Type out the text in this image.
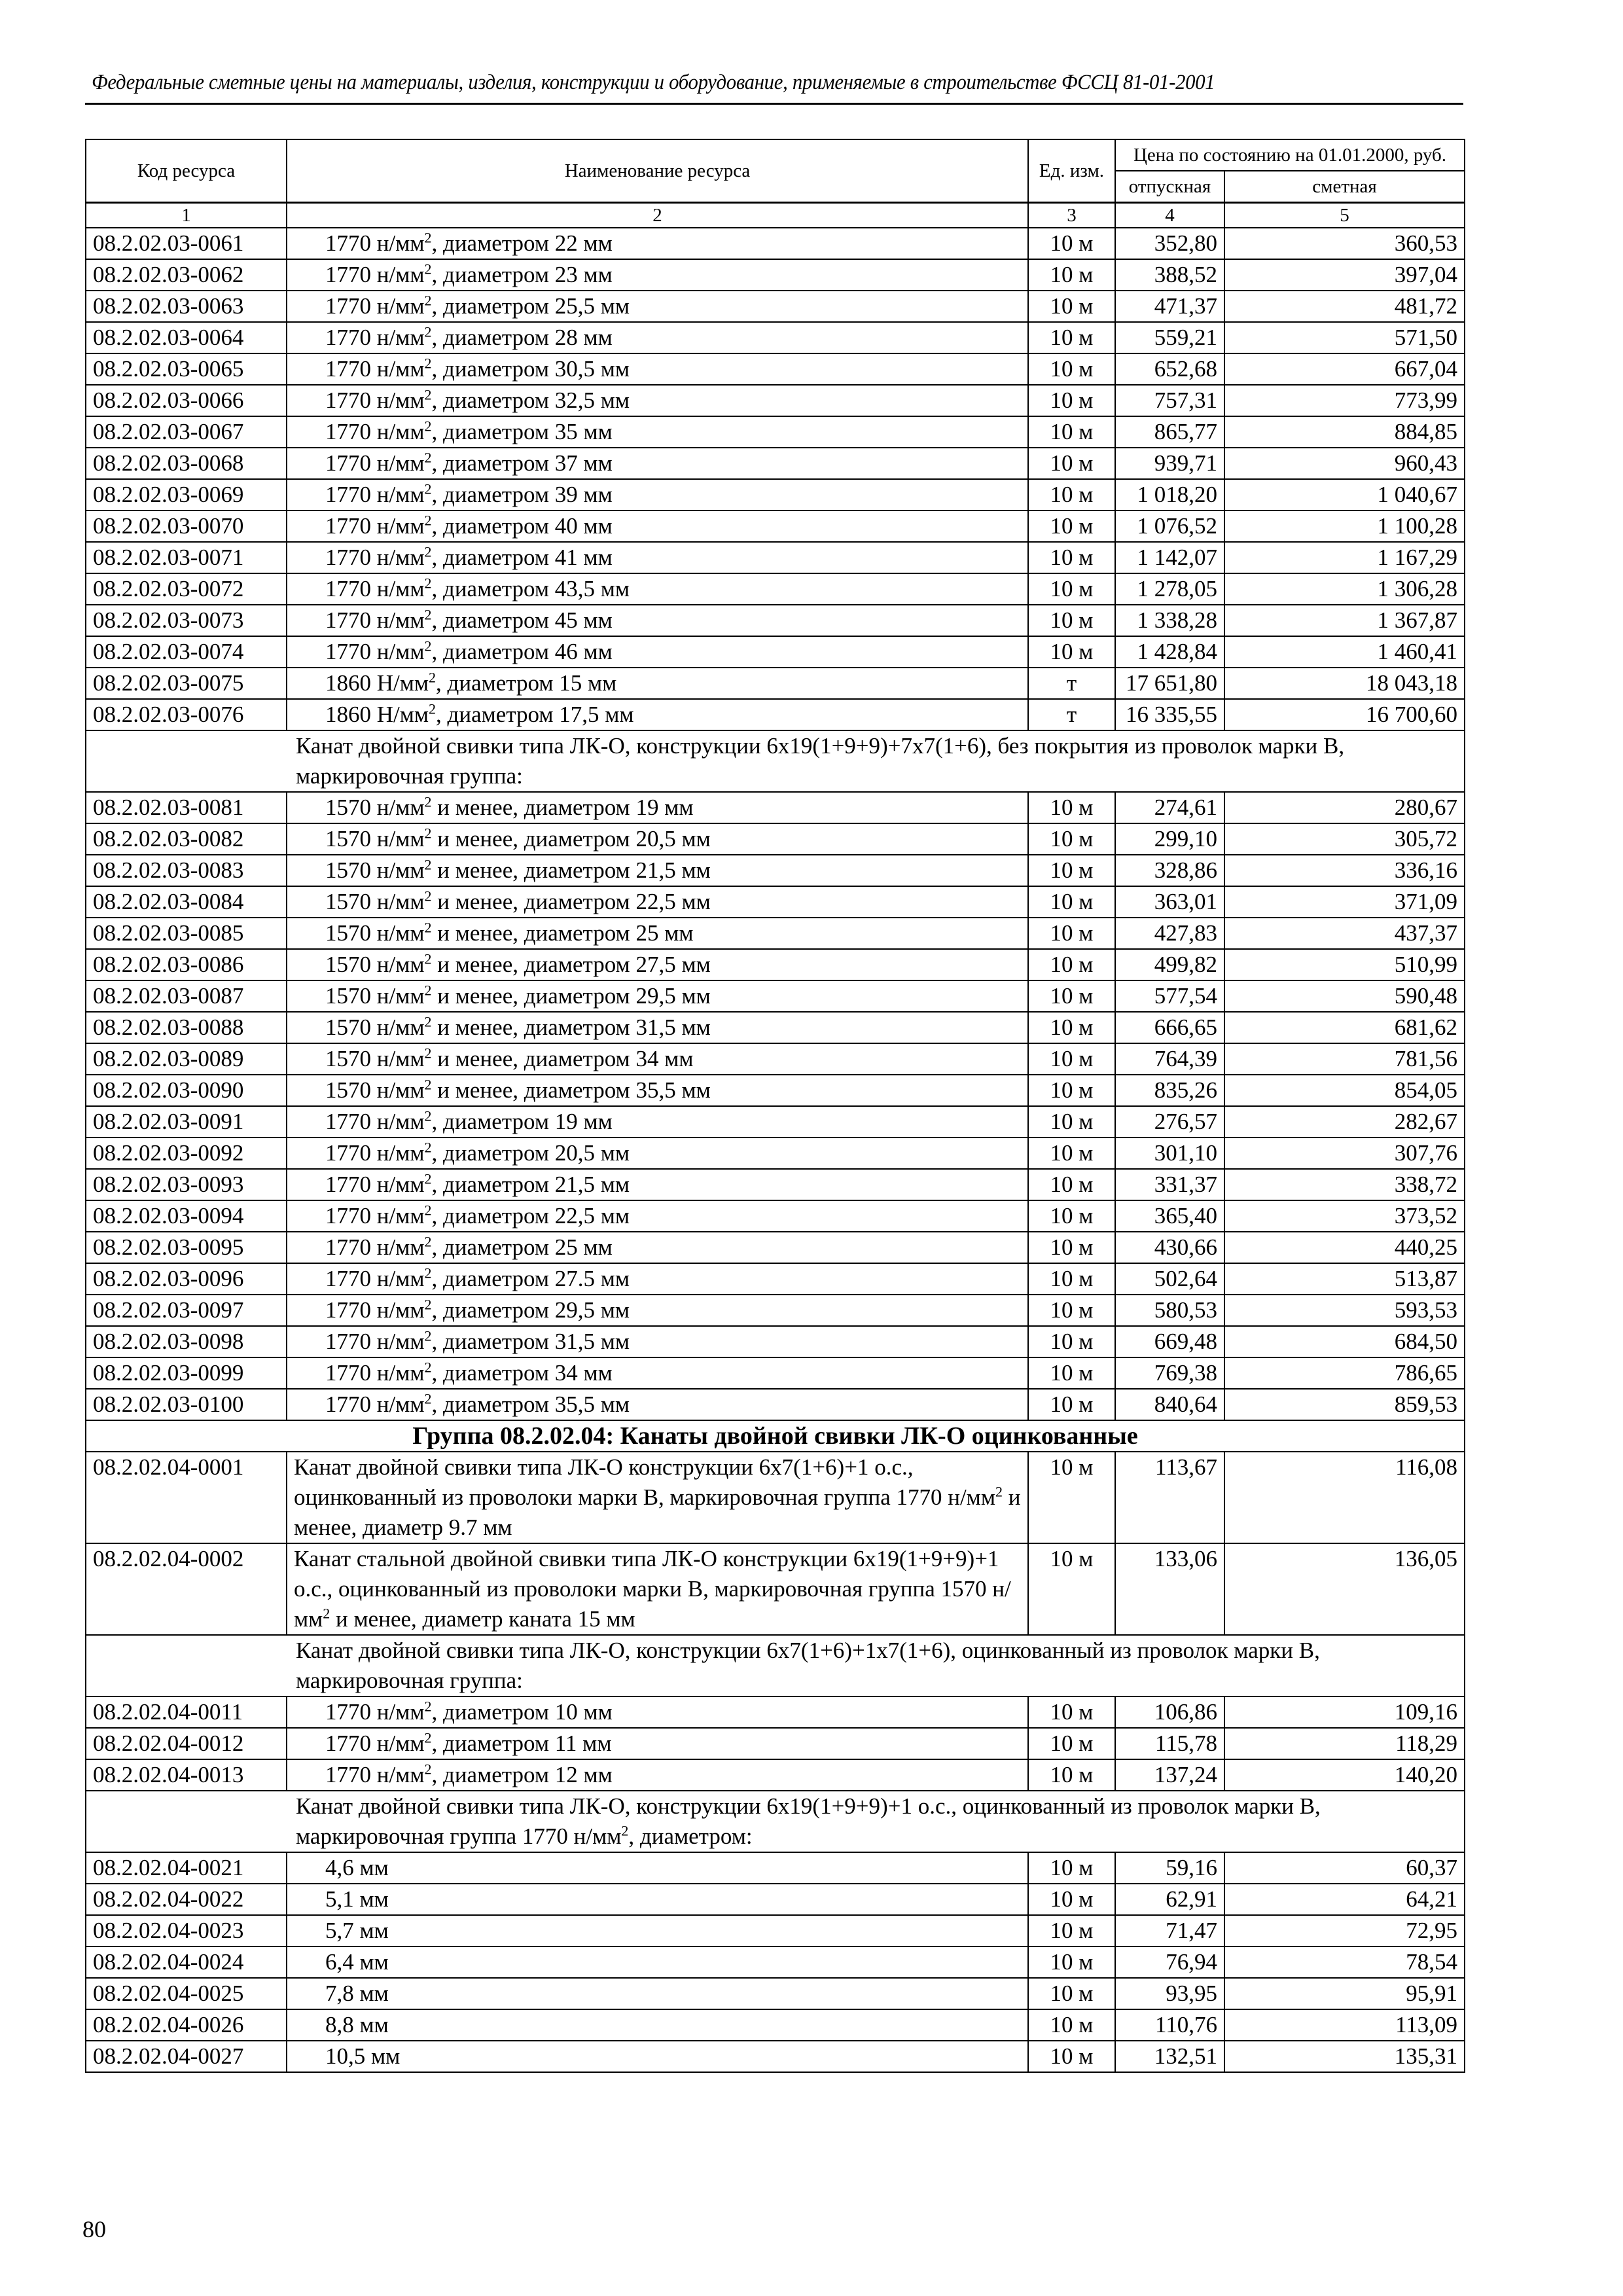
Федеральные сметные цены на материалы, изделия, конструкции и оборудование, применяемые в строительстве ФССЦ 81-01-2001
Код ресурса	Наименование ресурса	Ед. изм.	Цена по состоянию на 01.01.2000, руб.	
			отпускная	сметная
1	2	3	4	5
08.2.02.03-0061	1770 $н/мм^2$, диаметром 22 мм	10 м	352,80	360,53
08.2.02.03-0062	1770 $н/мм^2$, диаметром 23 мм	10 м	388,52	397,04
08.2.02.03-0063	1770 $н/мм^2$, диаметром 25,5 мм	10 м	471,37	481,72
08.2.02.03-0064	1770 $н/мм^2$, диаметром 28 мм	10 м	559,21	571,50
08.2.02.03-0065	1770 $н/мм^2$, диаметром 30,5 мм	10 м	652,68	667,04
08.2.02.03-0066	1770 $н/мм^2$, диаметром 32,5 мм	10 м	757,31	773,99
08.2.02.03-0067	1770 $н/мм^2$, диаметром 35 мм	10 м	865,77	884,85
08.2.02.03-0068	1770 $н/мм^2$, диаметром 37 мм	10 м	939,71	960,43
08.2.02.03-0069	1770 $н/мм^2$, диаметром 39 мм	10 м	1 018,20	1 040,67
08.2.02.03-0070	1770 $н/мм^2$, диаметром 40 мм	10 м	1 076,52	1 100,28
08.2.02.03-0071	1770 $н/мм^2$, диаметром 41 мм	10 м	1 142,07	1 167,29
08.2.02.03-0072	1770 $н/мм^2$, диаметром 43,5 мм	10 м	1 278,05	1 306,28
08.2.02.03-0073	1770 $н/мм^2$, диаметром 45 мм	10 м	1 338,28	1 367,87
08.2.02.03-0074	1770 $н/мм^2$, диаметром 46 мм	10 м	1 428,84	1 460,41
08.2.02.03-0075	1860 $Н/мм^2$, диаметром 15 мм	т	17 651,80	18 043,18
08.2.02.03-0076	1860 $Н/мм^2$, диаметром 17,5 мм	т	16 335,55	16 700,60
Канат двойной свивки типа ЛК-О, конструкции 6х19(1+9+9)+7х7(1+6), без покрытия из проволок марки В, маркировочная группа:				
08.2.02.03-0081	1570 $н/мм^2$ и менее, диаметром 19 мм	10 м	274,61	280,67
08.2.02.03-0082	1570 $н/мм^2$ и менее, диаметром 20,5 мм	10 м	299,10	305,72
08.2.02.03-0083	1570 $н/мм^2$ и менее, диаметром 21,5 мм	10 м	328,86	336,16
08.2.02.03-0084	1570 $н/мм^2$ и менее, диаметром 22,5 мм	10 м	363,01	371,09
08.2.02.03-0085	1570 $н/мм^2$ и менее, диаметром 25 мм	10 м	427,83	437,37
08.2.02.03-0086	1570 $н/мм^2$ и менее, диаметром 27,5 мм	10 м	499,82	510,99
08.2.02.03-0087	1570 $н/мм^2$ и менее, диаметром 29,5 мм	10 м	577,54	590,48
08.2.02.03-0088	1570 $н/мм^2$ и менее, диаметром 31,5 мм	10 м	666,65	681,62
08.2.02.03-0089	1570 $н/мм^2$ и менее, диаметром 34 мм	10 м	764,39	781,56
08.2.02.03-0090	1570 $н/мм^2$ и менее, диаметром 35,5 мм	10 м	835,26	854,05
08.2.02.03-0091	1770 $н/мм^2$, диаметром 19 мм	10 м	276,57	282,67
08.2.02.03-0092	1770 $н/мм^2$, диаметром 20,5 мм	10 м	301,10	307,76
08.2.02.03-0093	1770 $н/мм^2$, диаметром 21,5 мм	10 м	331,37	338,72
08.2.02.03-0094	1770 $н/мм^2$, диаметром 22,5 мм	10 м	365,40	373,52
08.2.02.03-0095	1770 $н/мм^2$, диаметром 25 мм	10 м	430,66	440,25
08.2.02.03-0096	1770 $н/мм^2$, диаметром 27.5 мм	10 м	502,64	513,87
08.2.02.03-0097	1770 $н/мм^2$, диаметром 29,5 мм	10 м	580,53	593,53
08.2.02.03-0098	1770 $н/мм^2$, диаметром 31,5 мм	10 м	669,48	684,50
08.2.02.03-0099	1770 $н/мм^2$, диаметром 34 мм	10 м	769,38	786,65
08.2.02.03-0100	1770 $н/мм^2$, диаметром 35,5 мм	10 м	840,64	859,53
Группа 08.2.02.04: Канаты двойной свивки ЛК-О оцинкованные				
08.2.02.04-0001	Канат двойной свивки типа ЛК-О конструкции 6х7(1+6)+1 о.с., оцинкованный из проволоки марки В, маркировочная группа 1770 $н/мм^2$ и менее, диаметр 9.7 мм	10 м	113,67	116,08
08.2.02.04-0002	Канат стальной двойной свивки типа ЛК-О конструкции 6х19(1+9+9)+1 о.с., оцинкованный из проволоки марки В, маркировочная группа 1570 $н/мм^2$ и менее, диаметр каната 15 мм	10 м	133,06	136,05
Канат двойной свивки типа ЛК-О, конструкции 6х7(1+6)+1х7(1+6), оцинкованный из проволок марки В, маркировочная группа:				
08.2.02.04-0011	1770 $н/мм^2$, диаметром 10 мм	10 м	106,86	109,16
08.2.02.04-0012	1770 $н/мм^2$, диаметром 11 мм	10 м	115,78	118,29
08.2.02.04-0013	1770 $н/мм^2$, диаметром 12 мм	10 м	137,24	140,20
Канат двойной свивки типа ЛК-О, конструкции 6х19(1+9+9)+1 о.с., оцинкованный из проволок марки В, маркировочная группа 1770 $н/мм^2$, диаметром:				
08.2.02.04-0021	4,6 мм	10 м	59,16	60,37
08.2.02.04-0022	5,1 мм	10 м	62,91	64,21
08.2.02.04-0023	5,7 мм	10 м	71,47	72,95
08.2.02.04-0024	6,4 мм	10 м	76,94	78,54
08.2.02.04-0025	7,8 мм	10 м	93,95	95,91
08.2.02.04-0026	8,8 мм	10 м	110,76	113,09
08.2.02.04-0027	10,5 мм	10 м	132,51	135,31
80
